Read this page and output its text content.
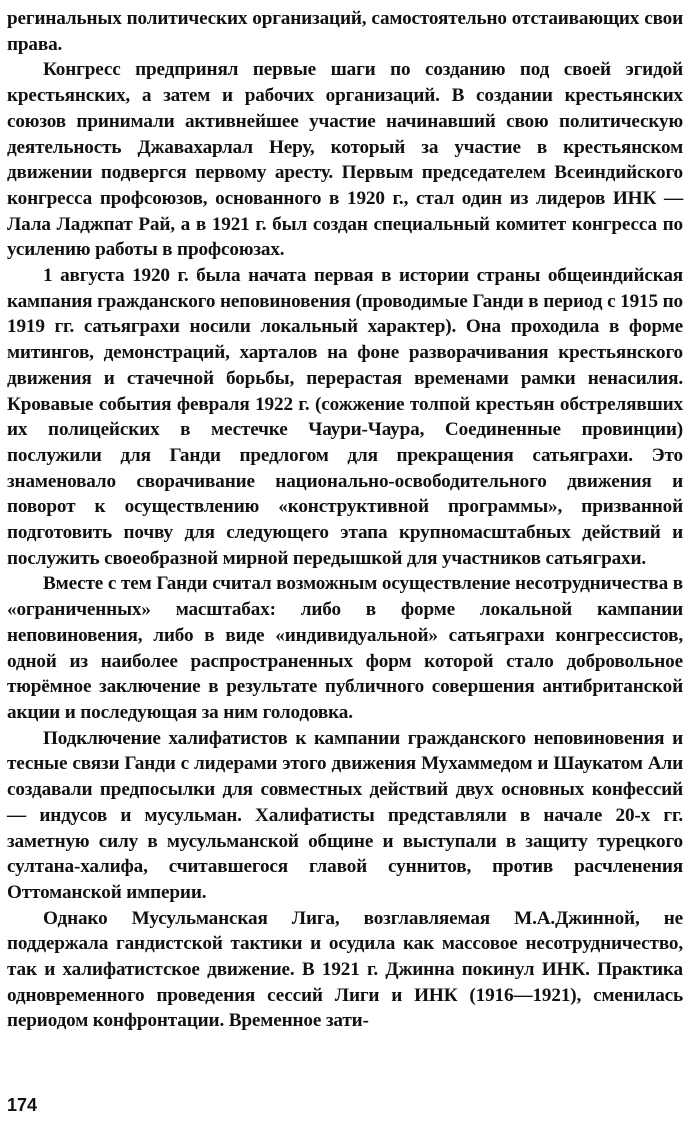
регинальных политических организаций, самостоятельно отстаивающих свои права.

Конгресс предпринял первые шаги по созданию под своей эгидой крестьянских, а затем и рабочих организаций. В создании крестьянских союзов принимали активнейшее участие начинавший свою политическую деятельность Джавахарлал Неру, который за участие в крестьянском движении подвергся первому аресту. Первым председателем Всеиндийского конгресса профсоюзов, основанного в 1920 г., стал один из лидеров ИНК — Лала Ладжпат Рай, а в 1921 г. был создан специальный комитет конгресса по усилению работы в профсоюзах.

1 августа 1920 г. была начата первая в истории страны общеиндийская кампания гражданского неповиновения (проводимые Ганди в период с 1915 по 1919 гг. сатьяграхи носили локальный характер). Она проходила в форме митингов, демонстраций, харталов на фоне разворачивания крестьянского движения и стачечной борьбы, перерастая временами рамки ненасилия. Кровавые события февраля 1922 г. (сожжение толпой крестьян обстрелявших их полицейских в местечке Чаури-Чаура, Соединенные провинции) послужили для Ганди предлогом для прекращения сатьяграхи. Это знаменовало сворачивание национально-освободительного движения и поворот к осуществлению «конструктивной программы», призванной подготовить почву для следующего этапа крупномасштабных действий и послужить своеобразной мирной передышкой для участников сатьяграхи.

Вместе с тем Ганди считал возможным осуществление несотрудничества в «ограниченных» масштабах: либо в форме локальной кампании неповиновения, либо в виде «индивидуальной» сатьяграхи конгрессистов, одной из наиболее распространенных форм которой стало добровольное тюрёмное заключение в результате публичного совершения антибританской акции и последующая за ним голодовка.

Подключение халифатистов к кампании гражданского неповиновения и тесные связи Ганди с лидерами этого движения Мухаммедом и Шаукатом Али создавали предпосылки для совместных действий двух основных конфессий — индусов и мусульман. Халифатисты представляли в начале 20-х гг. заметную силу в мусульманской общине и выступали в защиту турецкого султана-халифа, считавшегося главой суннитов, против расчленения Оттоманской империи.

Однако Мусульманская Лига, возглавляемая М.А.Джинной, не поддержала гандистской тактики и осудила как массовое несотрудничество, так и халифатистское движение. В 1921 г. Джинна покинул ИНК. Практика одновременного проведения сессий Лиги и ИНК (1916—1921), сменилась периодом конфронтации. Временное зати-

174
